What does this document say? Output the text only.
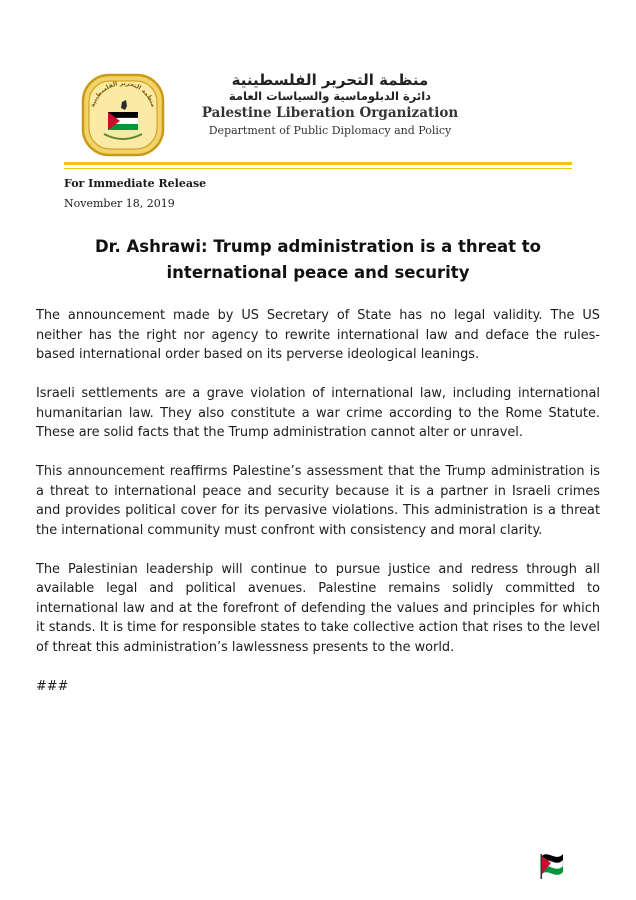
منظمة التحرير الفلسطينية
منظمة التحرير الفلسطينية
دائرة الدبلوماسية والسياسات العامة
Palestine Liberation Organization
Department of Public Diplomacy and Policy
For Immediate Release
November 18, 2019
Dr. Ashrawi: Trump administration is a threat to international peace and security

The announcement made by US Secretary of State has no legal validity. The US neither has the right nor agency to rewrite international law and deface the rules-based international order based on its perverse ideological leanings.

Israeli settlements are a grave violation of international law, including international humanitarian law. They also constitute a war crime according to the Rome Statute. These are solid facts that the Trump administration cannot alter or unravel.

This announcement reaffirms Palestine’s assessment that the Trump administration is a threat to international peace and security because it is a partner in Israeli crimes and provides political cover for its pervasive violations. This administration is a threat the international community must confront with consistency and moral clarity.

The Palestinian leadership will continue to pursue justice and redress through all available legal and political avenues. Palestine remains solidly committed to international law and at the forefront of defending the values and principles for which it stands. It is time for responsible states to take collective action that rises to the level of threat this administration’s lawlessness presents to the world.

###
